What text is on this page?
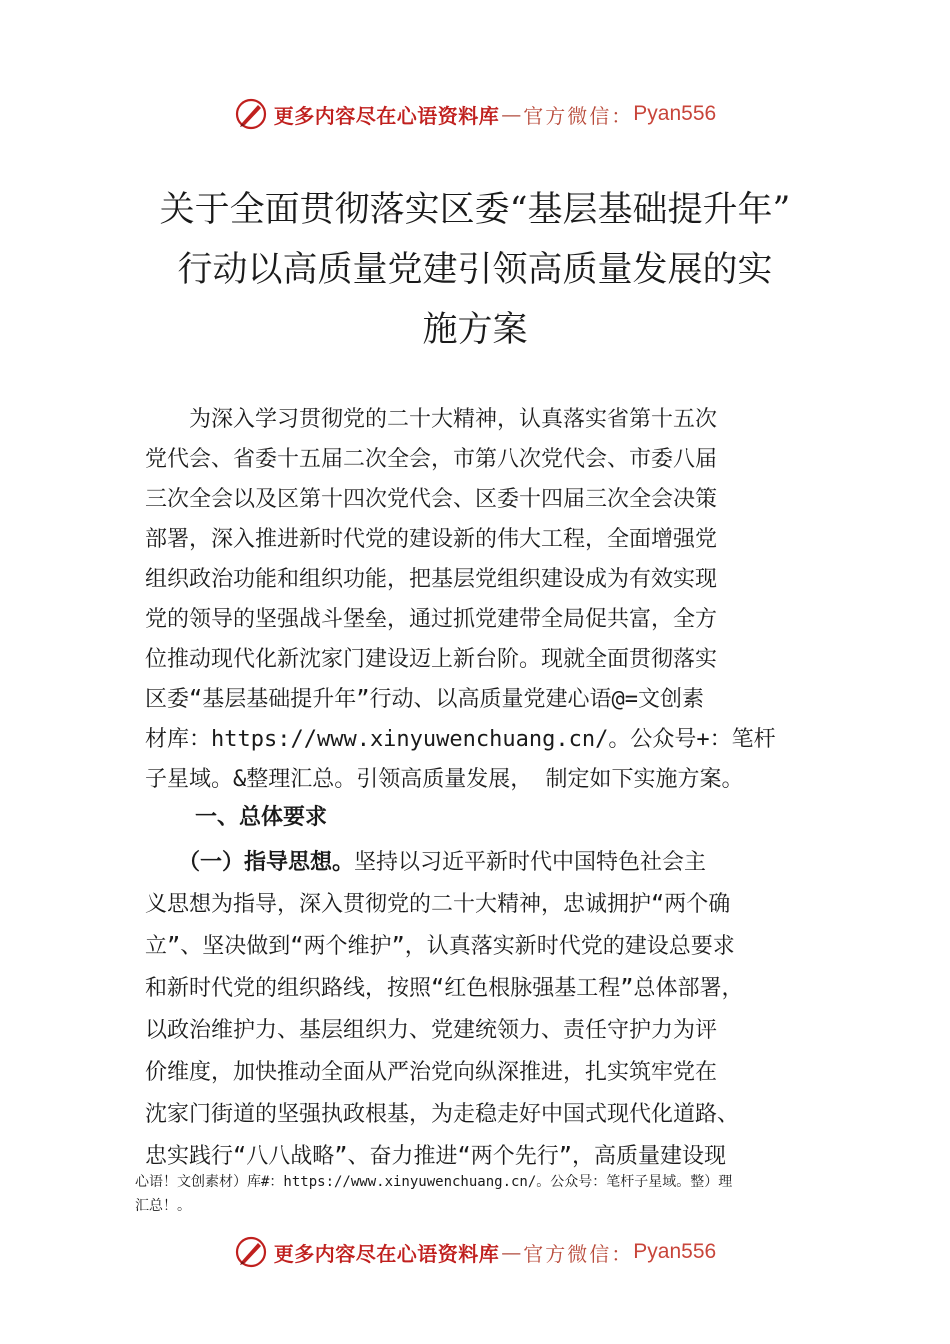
更多内容尽在心语资料库 — 官方微信： Pyan556
关于全面贯彻落实区委“基层基础提升年”
行动以高质量党建引领高质量发展的实
施方案
　　为深入学习贯彻党的二十大精神，认真落实省第十五次
党代会、省委十五届二次全会，市第八次党代会、市委八届
三次全会以及区第十四次党代会、区委十四届三次全会决策
部署，深入推进新时代党的建设新的伟大工程，全面增强党
组织政治功能和组织功能，把基层党组织建设成为有效实现
党的领导的坚强战斗堡垒，通过抓党建带全局促共富，全方
位推动现代化新沈家门建设迈上新台阶。现就全面贯彻落实
区委“基层基础提升年”行动、以高质量党建心语@=文创素
材库：https://www.xinyuwenchuang.cn/。公众号+：笔杆
子星域。&整理汇总。引领高质量发展， 制定如下实施方案。
一、总体要求
　　（一）指导思想。坚持以习近平新时代中国特色社会主
义思想为指导，深入贯彻党的二十大精神，忠诚拥护“两个确
立”、坚决做到“两个维护”，认真落实新时代党的建设总要求
和新时代党的组织路线，按照“红色根脉强基工程”总体部署，
以政治维护力、基层组织力、党建统领力、责任守护力为评
价维度，加快推动全面从严治党向纵深推进，扎实筑牢党在
沈家门街道的坚强执政根基，为走稳走好中国式现代化道路、
忠实践行“八八战略”、奋力推进“两个先行”，高质量建设现
心语！文创素材）库#：https://www.xinyuwenchuang.cn/。公众号：笔杆子星域。整）理
汇总！。
更多内容尽在心语资料库 — 官方微信： Pyan556
